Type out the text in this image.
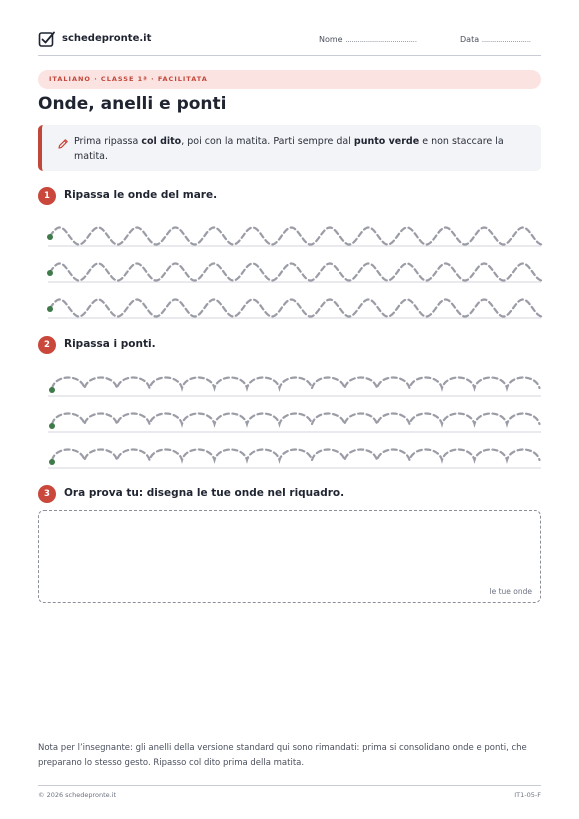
schedepronte.it	Nome ...................................	Data ........................
ITALIANO · CLASSE 1ª · FACILITATA
Onde, anelli e ponti
Prima ripassa col dito, poi con la matita. Parti sempre dal punto verde e non staccare la matita.
1	Ripassa le onde del mare.
2	Ripassa i ponti.
3	Ora prova tu: disegna le tue onde nel riquadro.
le tue onde
Nota per l’insegnante: gli anelli della versione standard qui sono rimandati: prima si consolidano onde e ponti, che preparano lo stesso gesto. Ripasso col dito prima della matita.
© 2026 schedepronte.it	IT1-05-F
